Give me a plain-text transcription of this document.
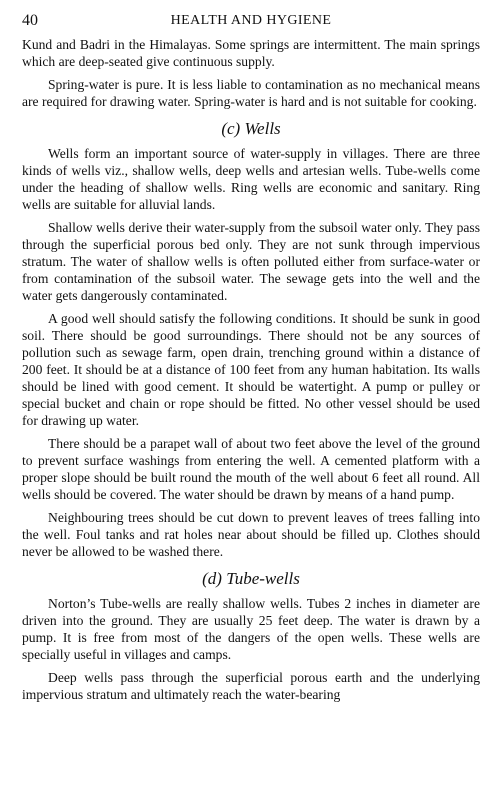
40	HEALTH AND HYGIENE

Kund and Badri in the Himalayas. Some springs are intermittent. The main springs which are deep-seated give continuous supply.

Spring-water is pure. It is less liable to contamination as no mechanical means are required for drawing water. Spring-water is hard and is not suitable for cooking.

(c) Wells

Wells form an important source of water-supply in villages. There are three kinds of wells viz., shallow wells, deep wells and artesian wells. Tube-wells come under the heading of shallow wells. Ring wells are economic and sanitary. Ring wells are suitable for alluvial lands.

Shallow wells derive their water-supply from the subsoil water only. They pass through the superficial porous bed only. They are not sunk through impervious stratum. The water of shallow wells is often polluted either from surface-water or from contamination of the subsoil water. The sewage gets into the well and the water gets dangerously contaminated.

A good well should satisfy the following conditions. It should be sunk in good soil. There should be good surroundings. There should not be any sources of pollution such as sewage farm, open drain, trenching ground within a distance of 200 feet. It should be at a distance of 100 feet from any human habitation. Its walls should be lined with good cement. It should be watertight. A pump or pulley or special bucket and chain or rope should be fitted. No other vessel should be used for drawing up water.

There should be a parapet wall of about two feet above the level of the ground to prevent surface washings from entering the well. A cemented platform with a proper slope should be built round the mouth of the well about 6 feet all round. All wells should be covered. The water should be drawn by means of a hand pump.

Neighbouring trees should be cut down to prevent leaves of trees falling into the well. Foul tanks and rat holes near about should be filled up. Clothes should never be allowed to be washed there.

(d) Tube-wells

Norton’s Tube-wells are really shallow wells. Tubes 2 inches in diameter are driven into the ground. They are usually 25 feet deep. The water is drawn by a pump. It is free from most of the dangers of the open wells. These wells are specially useful in villages and camps.

Deep wells pass through the superficial porous earth and the underlying impervious stratum and ultimately reach the water-bearing
